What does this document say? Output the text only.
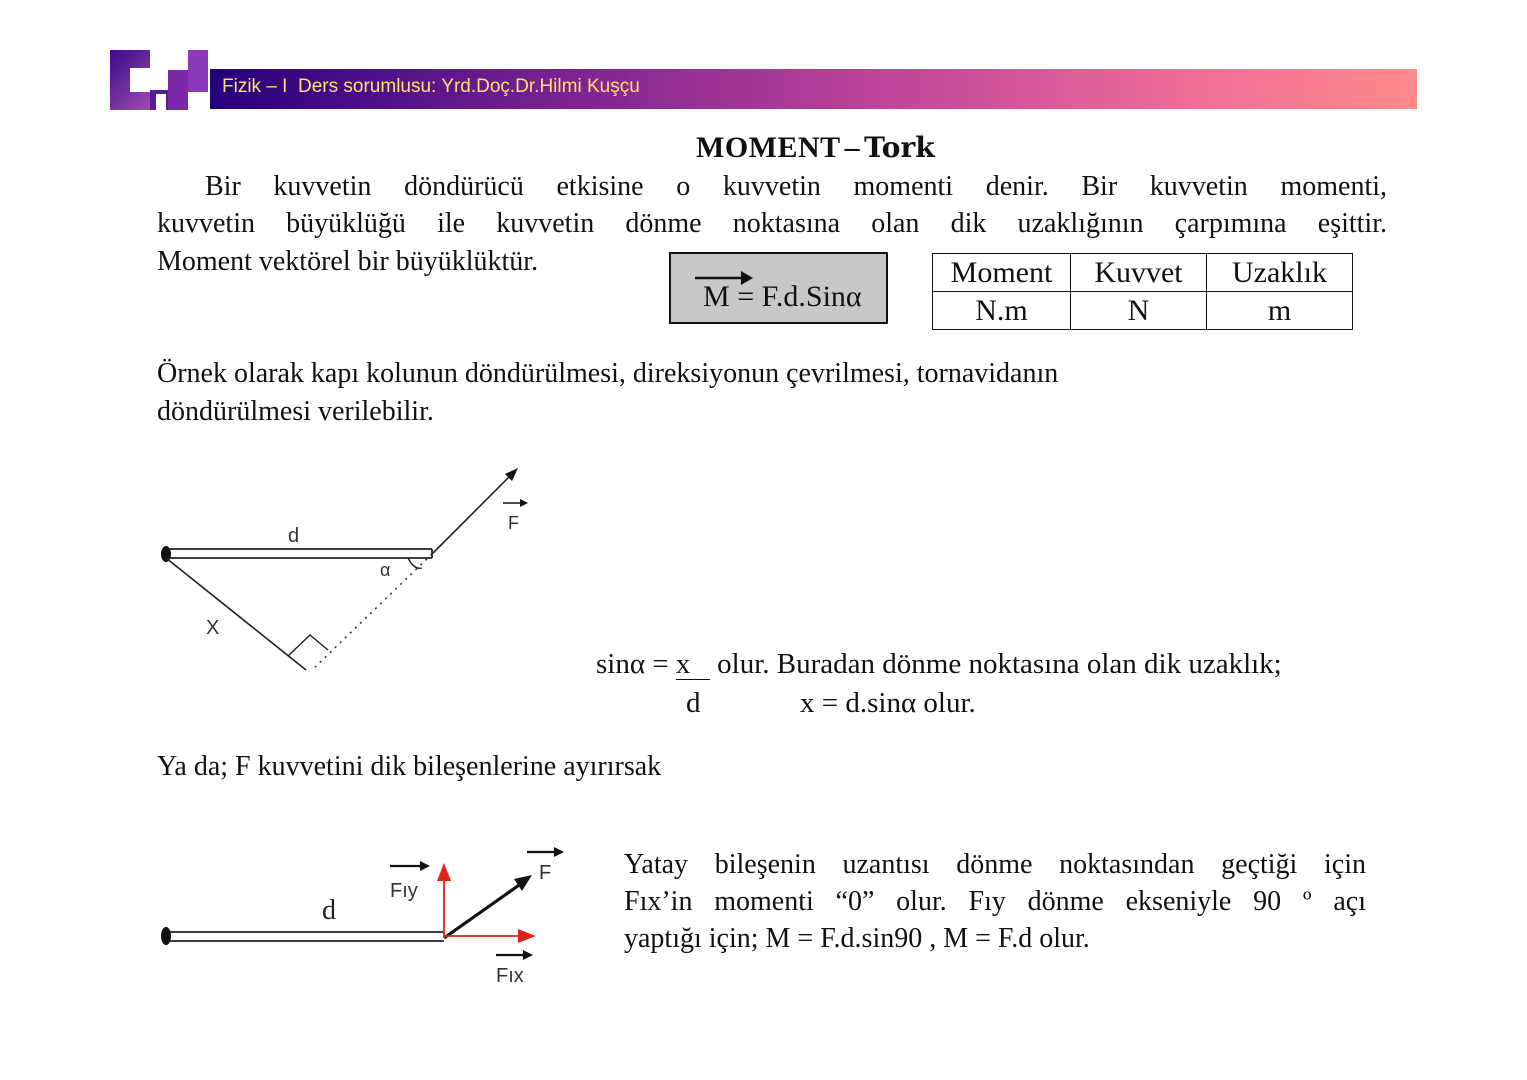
Fizik – I Ders sorumlusu: Yrd.Doç.Dr.Hilmi Kuşçu
MOMENT – Tork
Bir kuvvetin döndürücü etkisine o kuvvetin momenti denir. Bir kuvvetin momenti,
kuvvetin büyüklüğü ile kuvvetin dönme noktasına olan dik uzaklığının çarpımına eşittir.
Moment vektörel bir büyüklüktür.
M = F.d.Sinα
Moment	Kuvvet	Uzaklık
N.m	N	m
Örnek olarak kapı kolunun döndürülmesi, direksiyonun çevrilmesi, tornavidanın
döndürülmesi verilebilir.
F
d
α
X
sinα = x olur. Buradan dönme noktasına olan dik uzaklık;
d	x = d.sinα olur.
Ya da; F kuvvetini dik bileşenlerine ayırırsak
Fıy
F
Fıx
d
Yatay bileşenin uzantısı dönme noktasından geçtiği için
Fıx’in momenti “0” olur. Fıy dönme ekseniyle 90 º açı
yaptığı için; M = F.d.sin90 , M = F.d olur.
